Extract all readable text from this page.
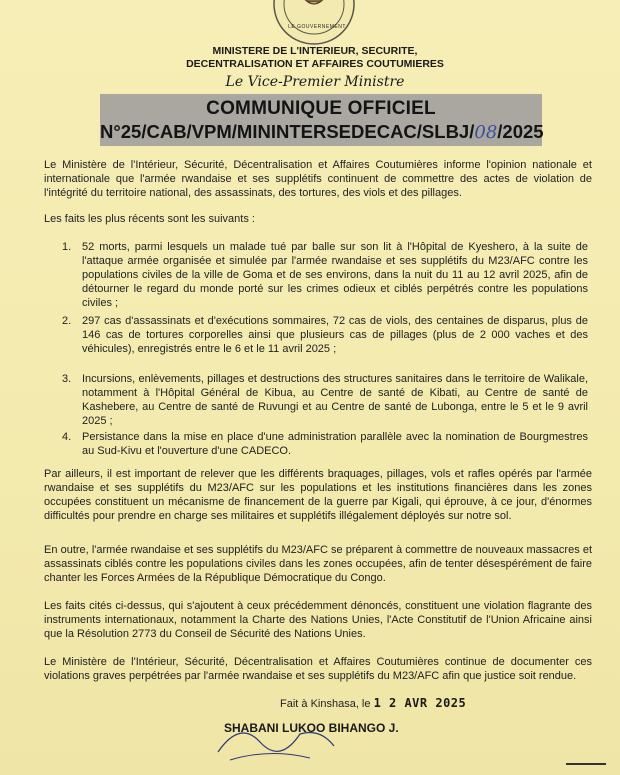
LE GOUVERNEMENT
MINISTERE DE L'INTERIEUR, SECURITE,
DECENTRALISATION ET AFFAIRES COUTUMIERES
Le Vice-Premier Ministre
COMMUNIQUE OFFICIEL
N°25/CAB/VPM/MININTERSEDECAC/SLBJ/08/2025
Le Ministère de l'Intérieur, Sécurité, Décentralisation et Affaires Coutumières informe l'opinion nationale et internationale que l'armée rwandaise et ses supplétifs continuent de commettre des actes de violation de l'intégrité du territoire national, des assassinats, des tortures, des viols et des pillages.
Les faits les plus récents sont les suivants :
1. 52 morts, parmi lesquels un malade tué par balle sur son lit à l'Hôpital de Kyeshero, à la suite de l'attaque armée organisée et simulée par l'armée rwandaise et ses supplétifs du M23/AFC contre les populations civiles de la ville de Goma et de ses environs, dans la nuit du 11 au 12 avril 2025, afin de détourner le regard du monde porté sur les crimes odieux et ciblés perpétrés contre les populations civiles ;
2. 297 cas d'assassinats et d'exécutions sommaires, 72 cas de viols, des centaines de disparus, plus de 146 cas de tortures corporelles ainsi que plusieurs cas de pillages (plus de 2 000 vaches et des véhicules), enregistrés entre le 6 et le 11 avril 2025 ;
3. Incursions, enlèvements, pillages et destructions des structures sanitaires dans le territoire de Walikale, notamment à l'Hôpital Général de Kibua, au Centre de santé de Kibati, au Centre de santé de Kashebere, au Centre de santé de Ruvungi et au Centre de santé de Lubonga, entre le 5 et le 9 avril 2025 ;
4. Persistance dans la mise en place d'une administration parallèle avec la nomination de Bourgmestres au Sud-Kivu et l'ouverture d'une CADECO.
Par ailleurs, il est important de relever que les différents braquages, pillages, vols et rafles opérés par l'armée rwandaise et ses supplétifs du M23/AFC sur les populations et les institutions financières dans les zones occupées constituent un mécanisme de financement de la guerre par Kigali, qui éprouve, à ce jour, d'énormes difficultés pour prendre en charge ses militaires et supplétifs illégalement déployés sur notre sol.
En outre, l'armée rwandaise et ses supplétifs du M23/AFC se préparent à commettre de nouveaux massacres et assassinats ciblés contre les populations civiles dans les zones occupées, afin de tenter désespérément de faire chanter les Forces Armées de la République Démocratique du Congo.
Les faits cités ci-dessus, qui s'ajoutent à ceux précédemment dénoncés, constituent une violation flagrante des instruments internationaux, notamment la Charte des Nations Unies, l'Acte Constitutif de l'Union Africaine ainsi que la Résolution 2773 du Conseil de Sécurité des Nations Unies.
Le Ministère de l'Intérieur, Sécurité, Décentralisation et Affaires Coutumières continue de documenter ces violations graves perpétrées par l'armée rwandaise et ses supplétifs du M23/AFC afin que justice soit rendue.
Fait à Kinshasa, le 1 2 AVR 2025
SHABANI LUKOO BIHANGO J.
